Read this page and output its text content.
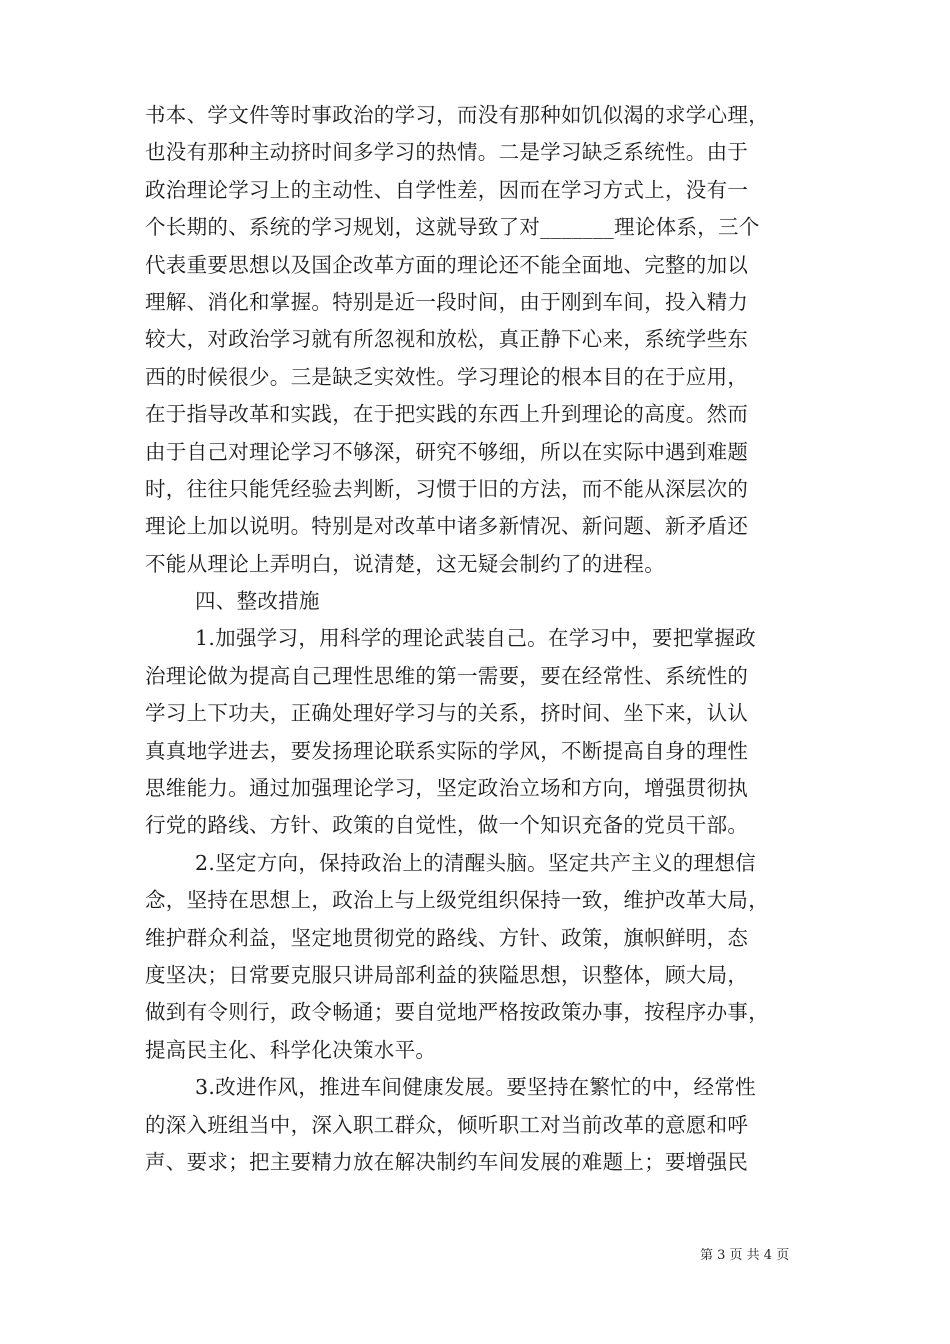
书本、学文件等时事政治的学习，而没有那种如饥似渴的求学心理，
也没有那种主动挤时间多学习的热情。二是学习缺乏系统性。由于
政治理论学习上的主动性、自学性差，因而在学习方式上，没有一
个长期的、系统的学习规划，这就导致了对_______理论体系，三个
代表重要思想以及国企改革方面的理论还不能全面地、完整的加以
理解、消化和掌握。特别是近一段时间，由于刚到车间，投入精力
较大，对政治学习就有所忽视和放松，真正静下心来，系统学些东
西的时候很少。三是缺乏实效性。学习理论的根本目的在于应用，
在于指导改革和实践，在于把实践的东西上升到理论的高度。然而
由于自己对理论学习不够深，研究不够细，所以在实际中遇到难题
时，往往只能凭经验去判断，习惯于旧的方法，而不能从深层次的
理论上加以说明。特别是对改革中诸多新情况、新问题、新矛盾还
不能从理论上弄明白，说清楚，这无疑会制约了的进程。
四、整改措施
1.加强学习，用科学的理论武装自己。在学习中，要把掌握政
治理论做为提高自己理性思维的第一需要，要在经常性、系统性的
学习上下功夫，正确处理好学习与的关系，挤时间、坐下来，认认
真真地学进去，要发扬理论联系实际的学风，不断提高自身的理性
思维能力。通过加强理论学习，坚定政治立场和方向，增强贯彻执
行党的路线、方针、政策的自觉性，做一个知识充备的党员干部。
2.坚定方向，保持政治上的清醒头脑。坚定共产主义的理想信
念，坚持在思想上，政治上与上级党组织保持一致，维护改革大局，
维护群众利益，坚定地贯彻党的路线、方针、政策，旗帜鲜明，态
度坚决；日常要克服只讲局部利益的狭隘思想，识整体，顾大局，
做到有令则行，政令畅通；要自觉地严格按政策办事，按程序办事，
提高民主化、科学化决策水平。
3.改进作风，推进车间健康发展。要坚持在繁忙的中，经常性
的深入班组当中，深入职工群众，倾听职工对当前改革的意愿和呼
声、要求；把主要精力放在解决制约车间发展的难题上；要增强民
第 3 页 共 4 页
